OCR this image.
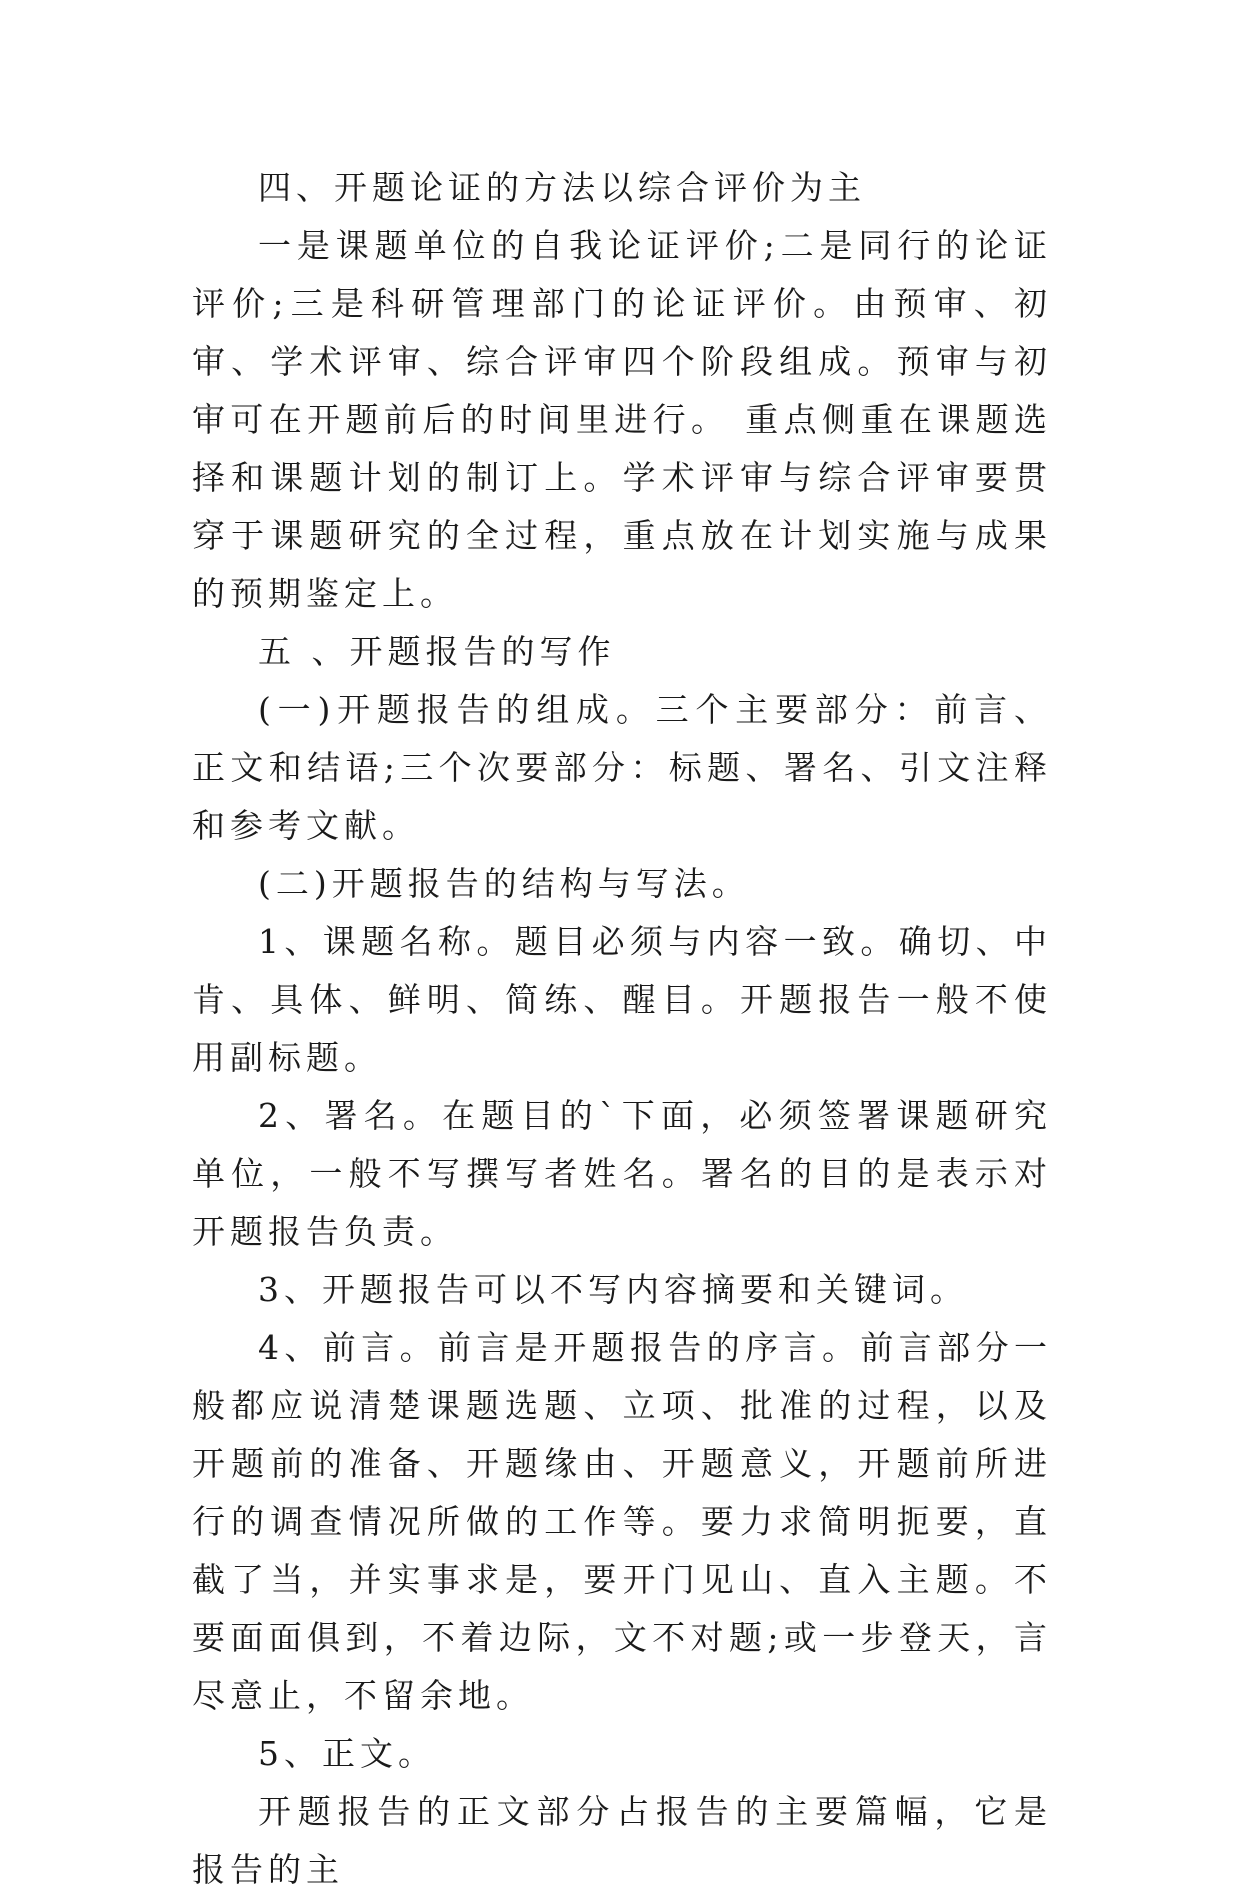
四、开题论证的方法以综合评价为主

一是课题单位的自我论证评价;二是同行的论证评价;三是科研管理部门的论证评价。由预审、初审、学术评审、综合评审四个阶段组成。预审与初审可在开题前后的时间里进行。 重点侧重在课题选择和课题计划的制订上。学术评审与综合评审要贯穿于课题研究的全过程，重点放在计划实施与成果的预期鉴定上。

五 、开题报告的写作

(一)开题报告的组成。三个主要部分：前言、正文和结语;三个次要部分：标题、署名、引文注释和参考文献。

(二)开题报告的结构与写法。

1、课题名称。题目必须与内容一致。确切、中肯、具体、鲜明、简练、醒目。开题报告一般不使用副标题。

2、署名。在题目的`下面，必须签署课题研究单位，一般不写撰写者姓名。署名的目的是表示对开题报告负责。

3、开题报告可以不写内容摘要和关键词。

4、前言。前言是开题报告的序言。前言部分一般都应说清楚课题选题、立项、批准的过程，以及开题前的准备、开题缘由、开题意义，开题前所进行的调查情况所做的工作等。要力求简明扼要，直截了当，并实事求是，要开门见山、直入主题。不要面面俱到，不着边际，文不对题;或一步登天，言尽意止，不留余地。

5、正文。

开题报告的正文部分占报告的主要篇幅，它是报告的主
